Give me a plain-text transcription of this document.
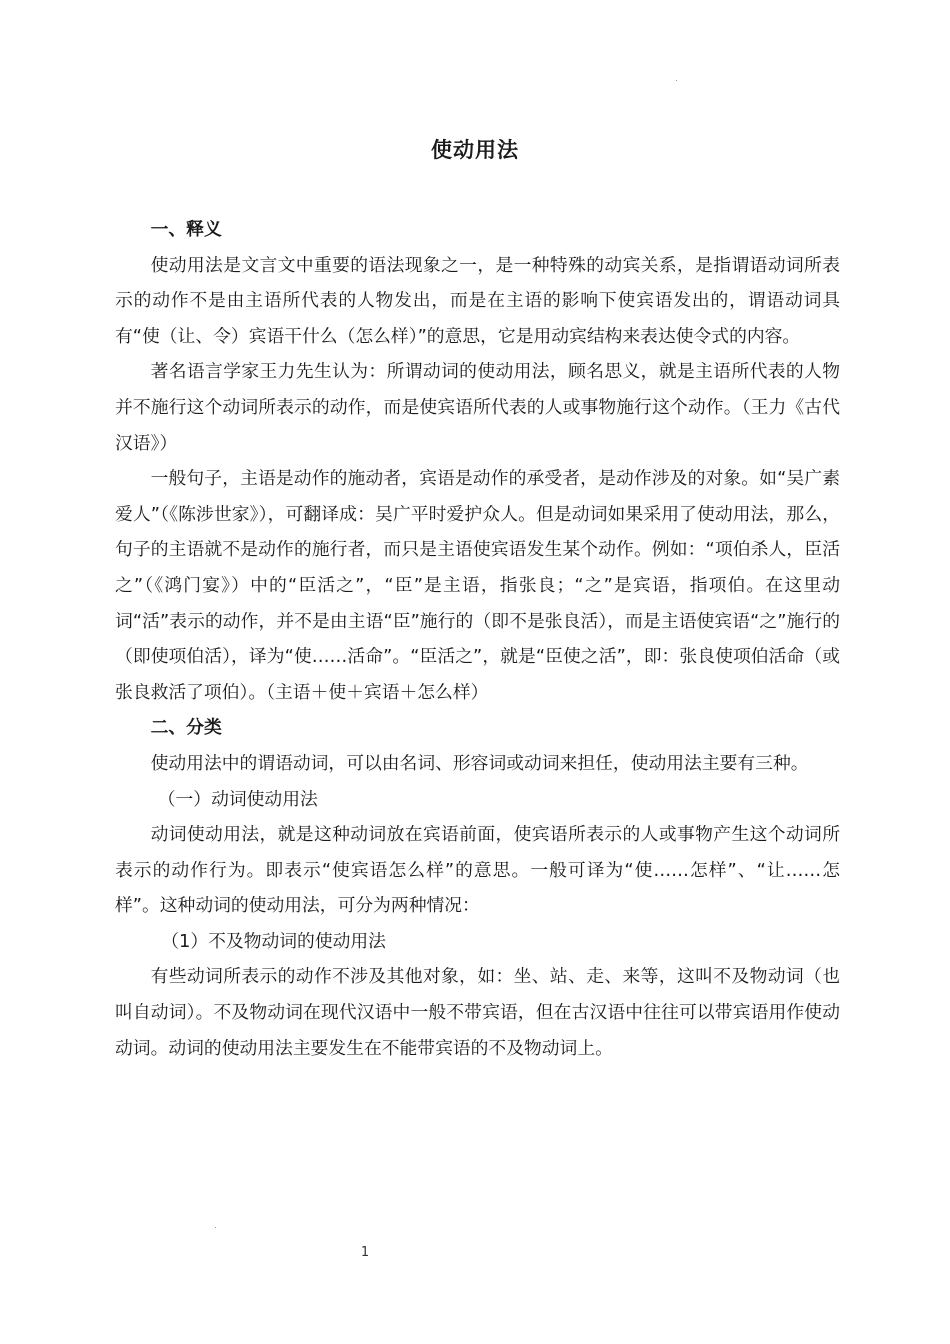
使动用法

一、释义

使动用法是文言文中重要的语法现象之一，是一种特殊的动宾关系，是指谓语动词所表示的动作不是由主语所代表的人物发出，而是在主语的影响下使宾语发出的，谓语动词具有“使（让、令）宾语干什么（怎么样）”的意思，它是用动宾结构来表达使令式的内容。

著名语言学家王力先生认为：所谓动词的使动用法，顾名思义，就是主语所代表的人物并不施行这个动词所表示的动作，而是使宾语所代表的人或事物施行这个动作。（王力《古代汉语》）

一般句子，主语是动作的施动者，宾语是动作的承受者，是动作涉及的对象。如“吴广素爱人”（《陈涉世家》），可翻译成：吴广平时爱护众人。但是动词如果采用了使动用法，那么，句子的主语就不是动作的施行者，而只是主语使宾语发生某个动作。例如：“项伯杀人，臣活之”（《鸿门宴》）中的“臣活之”，“臣”是主语，指张良；“之”是宾语，指项伯。在这里动词“活”表示的动作，并不是由主语“臣”施行的（即不是张良活），而是主语使宾语“之”施行的（即使项伯活），译为“使……活命”。“臣活之”，就是“臣使之活”，即：张良使项伯活命（或张良救活了项伯）。（主语＋使＋宾语＋怎么样）

二、分类

使动用法中的谓语动词，可以由名词、形容词或动词来担任，使动用法主要有三种。

（一）动词使动用法

动词使动用法，就是这种动词放在宾语前面，使宾语所表示的人或事物产生这个动词所表示的动作行为。即表示“使宾语怎么样”的意思。一般可译为“使……怎样”、“让……怎样”。这种动词的使动用法，可分为两种情况：

（1）不及物动词的使动用法

有些动词所表示的动作不涉及其他对象，如：坐、站、走、来等，这叫不及物动词（也叫自动词）。不及物动词在现代汉语中一般不带宾语，但在古汉语中往往可以带宾语用作使动动词。动词的使动用法主要发生在不能带宾语的不及物动词上。

1
